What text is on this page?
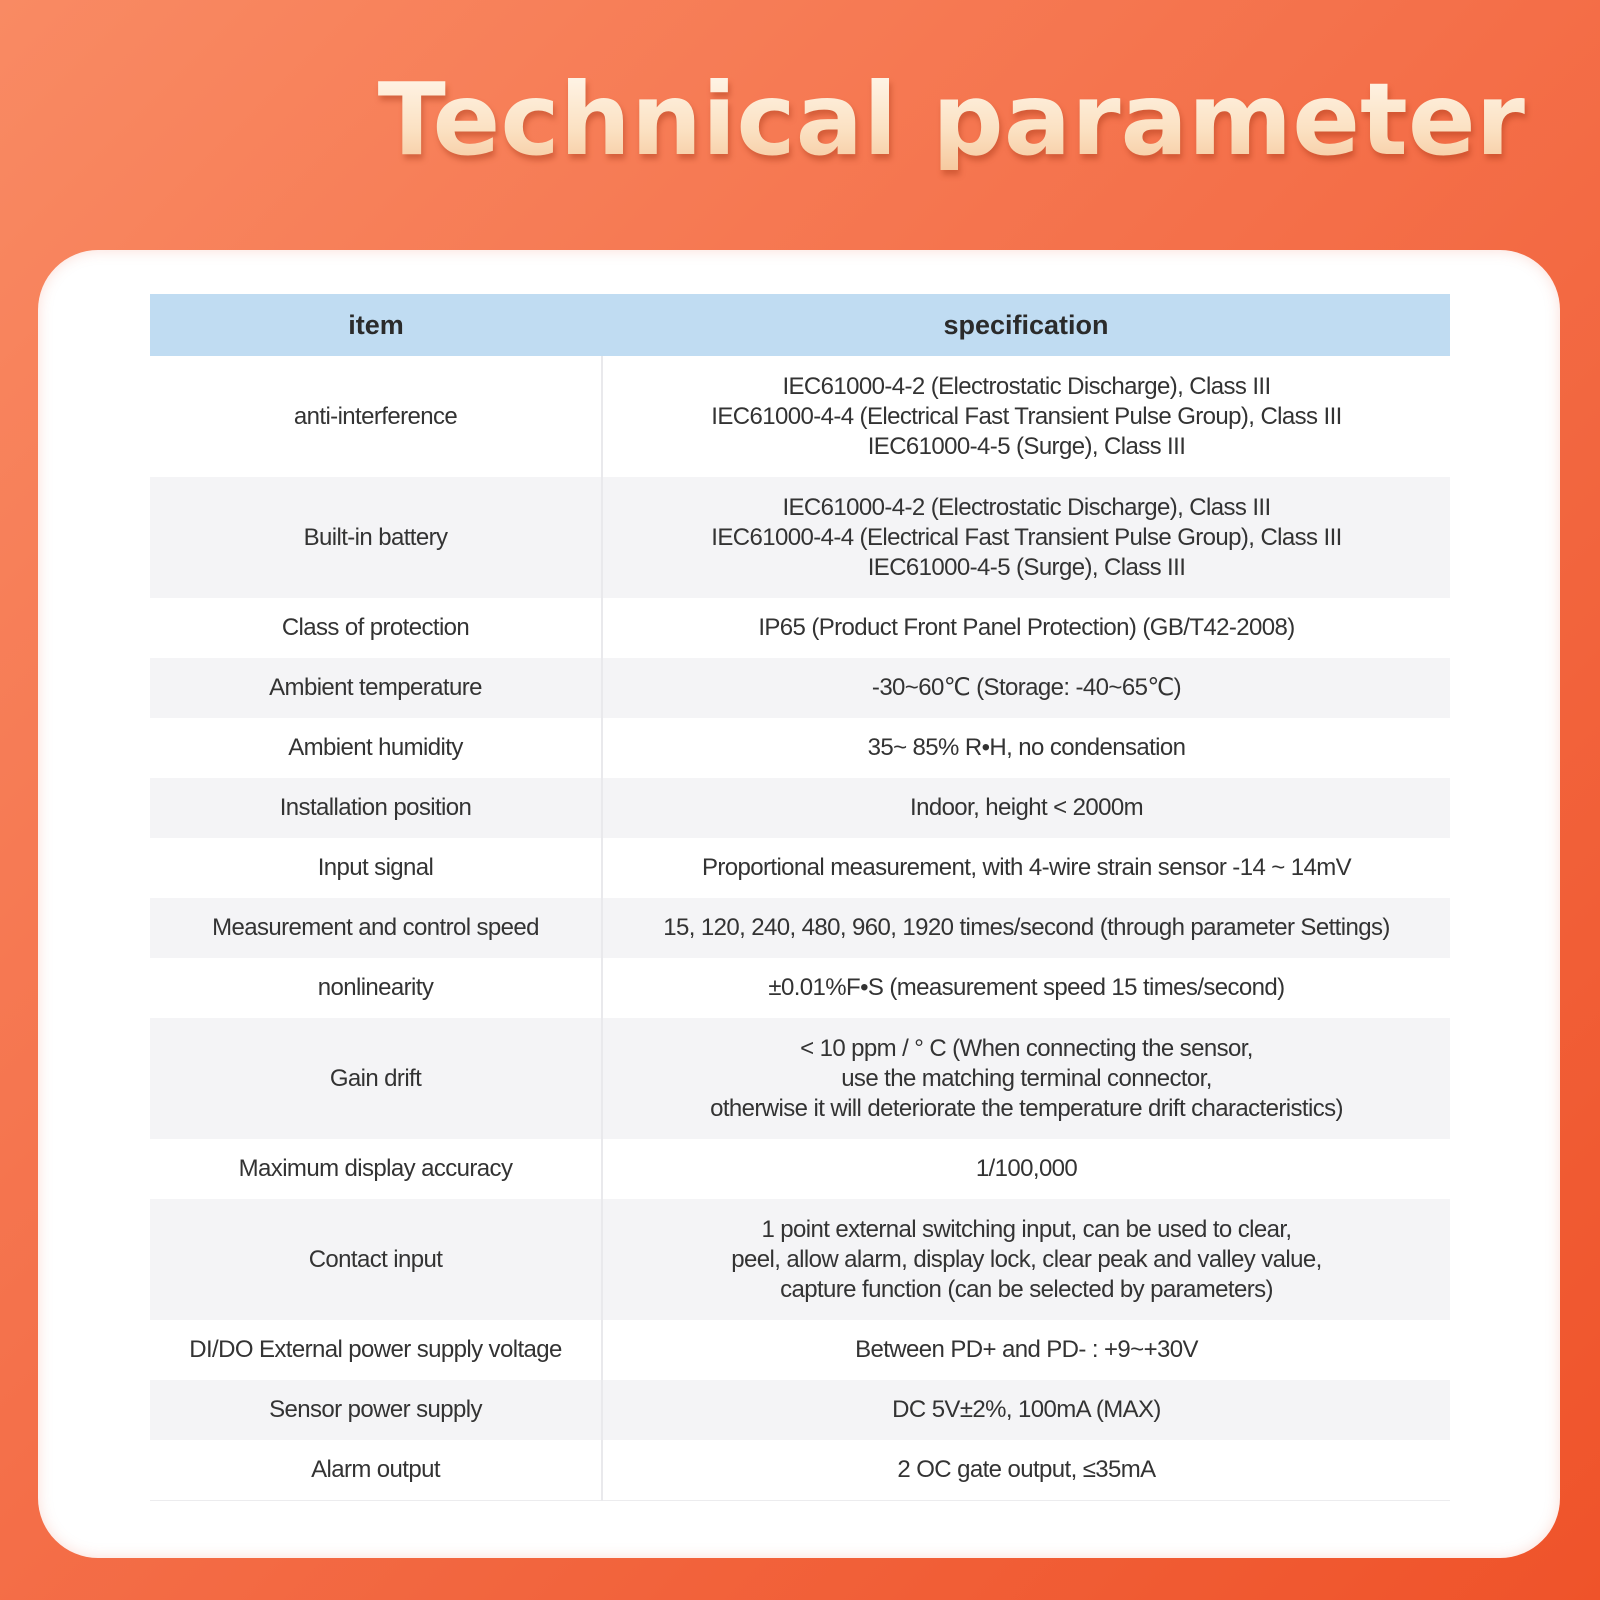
Technical parameter
item	specification
anti-interference	IEC61000-4-2 (Electrostatic Discharge), Class III
IEC61000-4-4 (Electrical Fast Transient Pulse Group), Class III
IEC61000-4-5 (Surge), Class III

Built-in battery	IEC61000-4-2 (Electrostatic Discharge), Class III
IEC61000-4-4 (Electrical Fast Transient Pulse Group), Class III
IEC61000-4-5 (Surge), Class III

Class of protection	IP65 (Product Front Panel Protection) (GB/T42-2008)

Ambient temperature	-30~60℃ (Storage: -40~65℃)

Ambient humidity	35~ 85% R•H, no condensation

Installation position	Indoor, height < 2000m

Input signal	Proportional measurement, with 4-wire strain sensor -14 ~ 14mV

Measurement and control speed	15, 120, 240, 480, 960, 1920 times/second (through parameter Settings)

nonlinearity	±0.01%F•S (measurement speed 15 times/second)

Gain drift	< 10 ppm / ° C (When connecting the sensor,
use the matching terminal connector,
otherwise it will deteriorate the temperature drift characteristics)

Maximum display accuracy	1/100,000

Contact input	1 point external switching input, can be used to clear,
peel, allow alarm, display lock, clear peak and valley value,
capture function (can be selected by parameters)

DI/DO External power supply voltage	Between PD+ and PD- : +9~+30V

Sensor power supply	DC 5V±2%, 100mA (MAX)

Alarm output	2 OC gate output, ≤35mA
